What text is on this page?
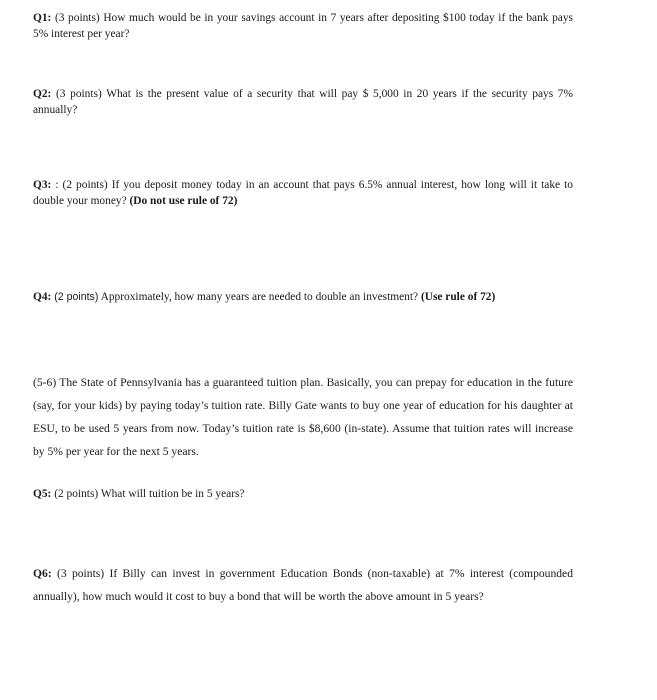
Q1: (3 points) How much would be in your savings account in 7 years after depositing $100 today if the bank pays 5% interest per year?
Q2: (3 points) What is the present value of a security that will pay $ 5,000 in 20 years if the security pays 7% annually?
Q3: : (2 points) If you deposit money today in an account that pays 6.5% annual interest, how long will it take to double your money? (Do not use rule of 72)
Q4: (2 points) Approximately, how many years are needed to double an investment? (Use rule of 72)
(5-6) The State of Pennsylvania has a guaranteed tuition plan. Basically, you can prepay for education in the future (say, for your kids) by paying today’s tuition rate. Billy Gate wants to buy one year of education for his daughter at ESU, to be used 5 years from now. Today’s tuition rate is $8,600 (in-state). Assume that tuition rates will increase by 5% per year for the next 5 years.
Q5: (2 points) What will tuition be in 5 years?
Q6: (3 points) If Billy can invest in government Education Bonds (non-taxable) at 7% interest (compounded annually), how much would it cost to buy a bond that will be worth the above amount in 5 years?
